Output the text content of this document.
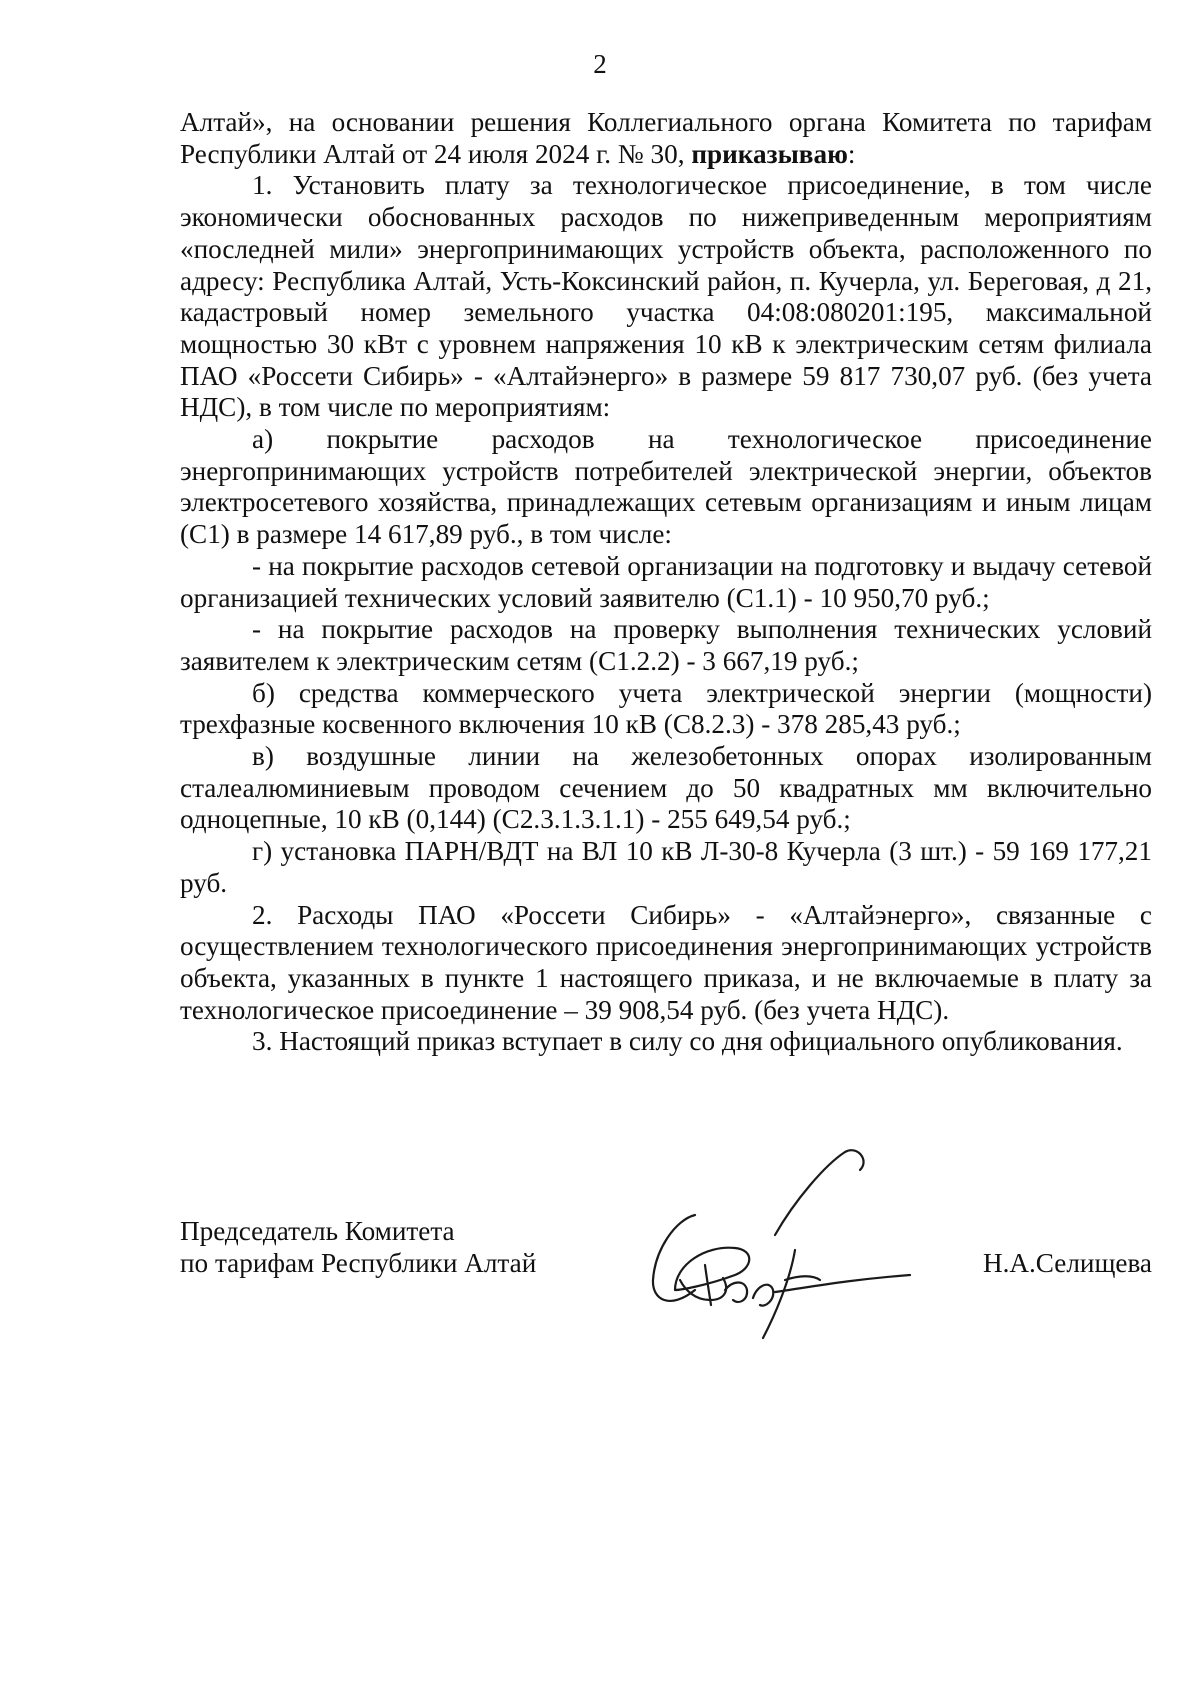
2

Алтай», на основании решения Коллегиального органа Комитета по тарифам Республики Алтай от 24 июля 2024 г. № 30, приказываю:

1. Установить плату за технологическое присоединение, в том числе экономически обоснованных расходов по нижеприведенным мероприятиям «последней мили» энергопринимающих устройств объекта, расположенного по адресу: Республика Алтай, Усть-Коксинский район, п. Кучерла, ул. Береговая, д 21, кадастровый номер земельного участка 04:08:080201:195, максимальной мощностью 30 кВт с уровнем напряжения 10 кВ к электрическим сетям филиала ПАО «Россети Сибирь» - «Алтайэнерго» в размере 59 817 730,07 руб. (без учета НДС), в том числе по мероприятиям:

а) покрытие расходов на технологическое присоединение энергопринимающих устройств потребителей электрической энергии, объектов электросетевого хозяйства, принадлежащих сетевым организациям и иным лицам (С1) в размере 14 617,89 руб., в том числе:

- на покрытие расходов сетевой организации на подготовку и выдачу сетевой организацией технических условий заявителю (С1.1) - 10 950,70 руб.;

- на покрытие расходов на проверку выполнения технических условий заявителем к электрическим сетям (С1.2.2) - 3 667,19 руб.;

б) средства коммерческого учета электрической энергии (мощности) трехфазные косвенного включения 10 кВ (С8.2.3) - 378 285,43 руб.;

в) воздушные линии на железобетонных опорах изолированным сталеалюминиевым проводом сечением до 50 квадратных мм включительно одноцепные, 10 кВ (0,144) (С2.3.1.3.1.1) - 255 649,54 руб.;

г) установка ПАРН/ВДТ на ВЛ 10 кВ Л-30-8 Кучерла (3 шт.) - 59 169 177,21 руб.

2. Расходы ПАО «Россети Сибирь» - «Алтайэнерго», связанные с осуществлением технологического присоединения энергопринимающих устройств объекта, указанных в пункте 1 настоящего приказа, и не включаемые в плату за технологическое присоединение – 39 908,54 руб. (без учета НДС).

3. Настоящий приказ вступает в силу со дня официального опубликования.

Председатель Комитета
по тарифам Республики Алтай	Н.А.Селищева
